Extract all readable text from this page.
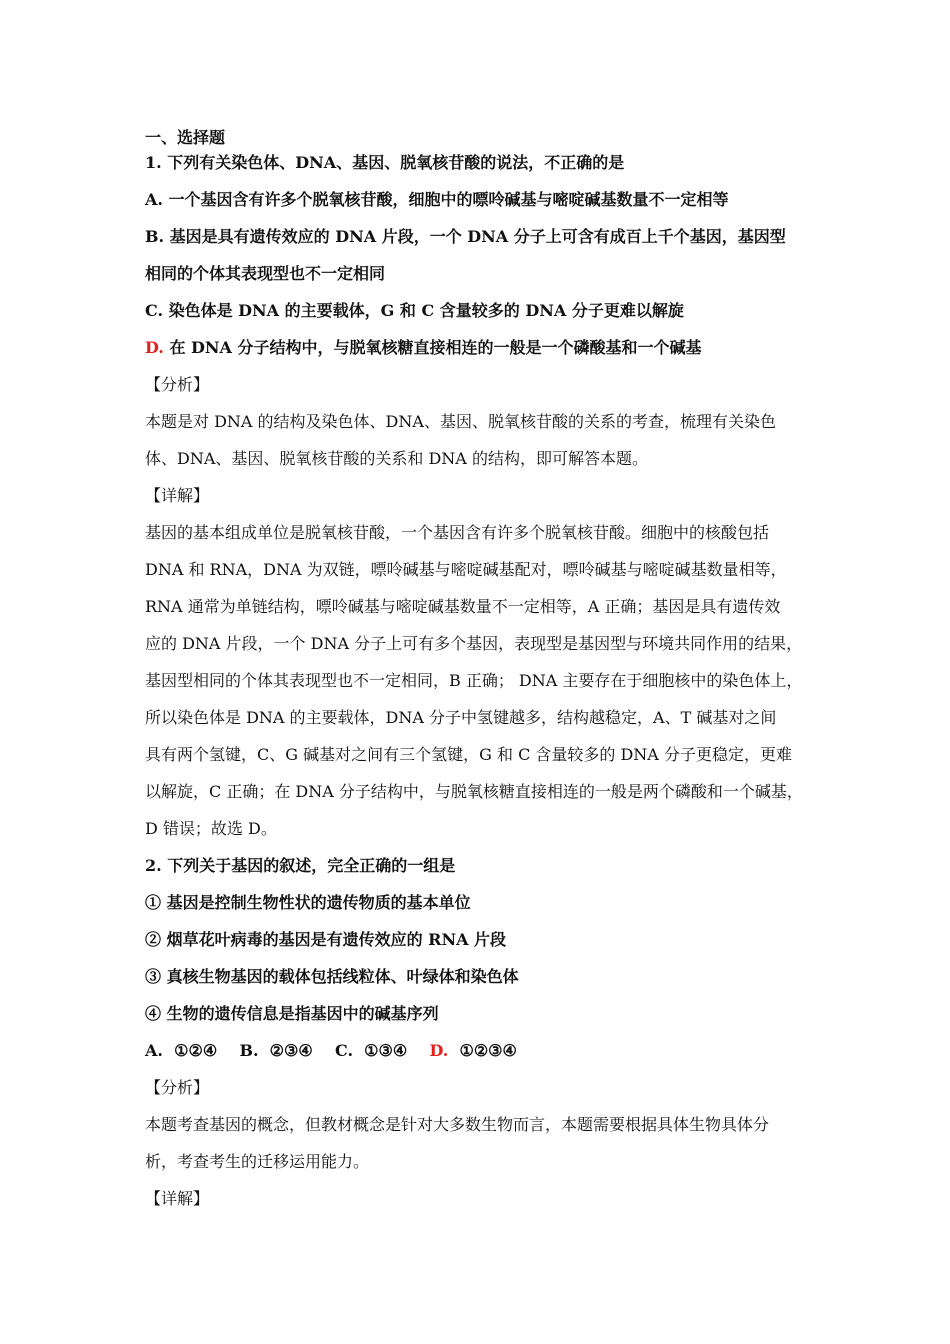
一、选择题

1. 下列有关染色体、DNA、基因、脱氧核苷酸的说法，不正确的是

A. 一个基因含有许多个脱氧核苷酸，细胞中的嘌呤碱基与嘧啶碱基数量不一定相等

B. 基因是具有遗传效应的 DNA 片段，一个 DNA 分子上可含有成百上千个基因，基因型

相同的个体其表现型也不一定相同

C. 染色体是 DNA 的主要载体，G 和 C 含量较多的 DNA 分子更难以解旋

D. 在 DNA 分子结构中，与脱氧核糖直接相连的一般是一个磷酸基和一个碱基

【分析】

本题是对 DNA 的结构及染色体、DNA、基因、脱氧核苷酸的关系的考查，梳理有关染色

体、DNA、基因、脱氧核苷酸的关系和 DNA 的结构，即可解答本题。

【详解】

基因的基本组成单位是脱氧核苷酸，一个基因含有许多个脱氧核苷酸。细胞中的核酸包括

DNA 和 RNA，DNA 为双链，嘌呤碱基与嘧啶碱基配对，嘌呤碱基与嘧啶碱基数量相等，

RNA 通常为单链结构，嘌呤碱基与嘧啶碱基数量不一定相等，A 正确；基因是具有遗传效

应的 DNA 片段，一个 DNA 分子上可有多个基因，表现型是基因型与环境共同作用的结果，

基因型相同的个体其表现型也不一定相同，B 正确； DNA 主要存在于细胞核中的染色体上，

所以染色体是 DNA 的主要载体，DNA 分子中氢键越多，结构越稳定，A、T 碱基对之间

具有两个氢键，C、G 碱基对之间有三个氢键，G 和 C 含量较多的 DNA 分子更稳定，更难

以解旋，C 正确；在 DNA 分子结构中，与脱氧核糖直接相连的一般是两个磷酸和一个碱基，

D 错误；故选 D。

2. 下列关于基因的叙述，完全正确的一组是

① 基因是控制生物性状的遗传物质的基本单位

② 烟草花叶病毒的基因是有遗传效应的 RNA 片段

③ 真核生物基因的载体包括线粒体、叶绿体和染色体

④ 生物的遗传信息是指基因中的碱基序列

A.  ①②④    B.  ②③④    C.  ①③④    D.  ①②③④

【分析】

本题考查基因的概念，但教材概念是针对大多数生物而言，本题需要根据具体生物具体分

析，考查考生的迁移运用能力。

【详解】
